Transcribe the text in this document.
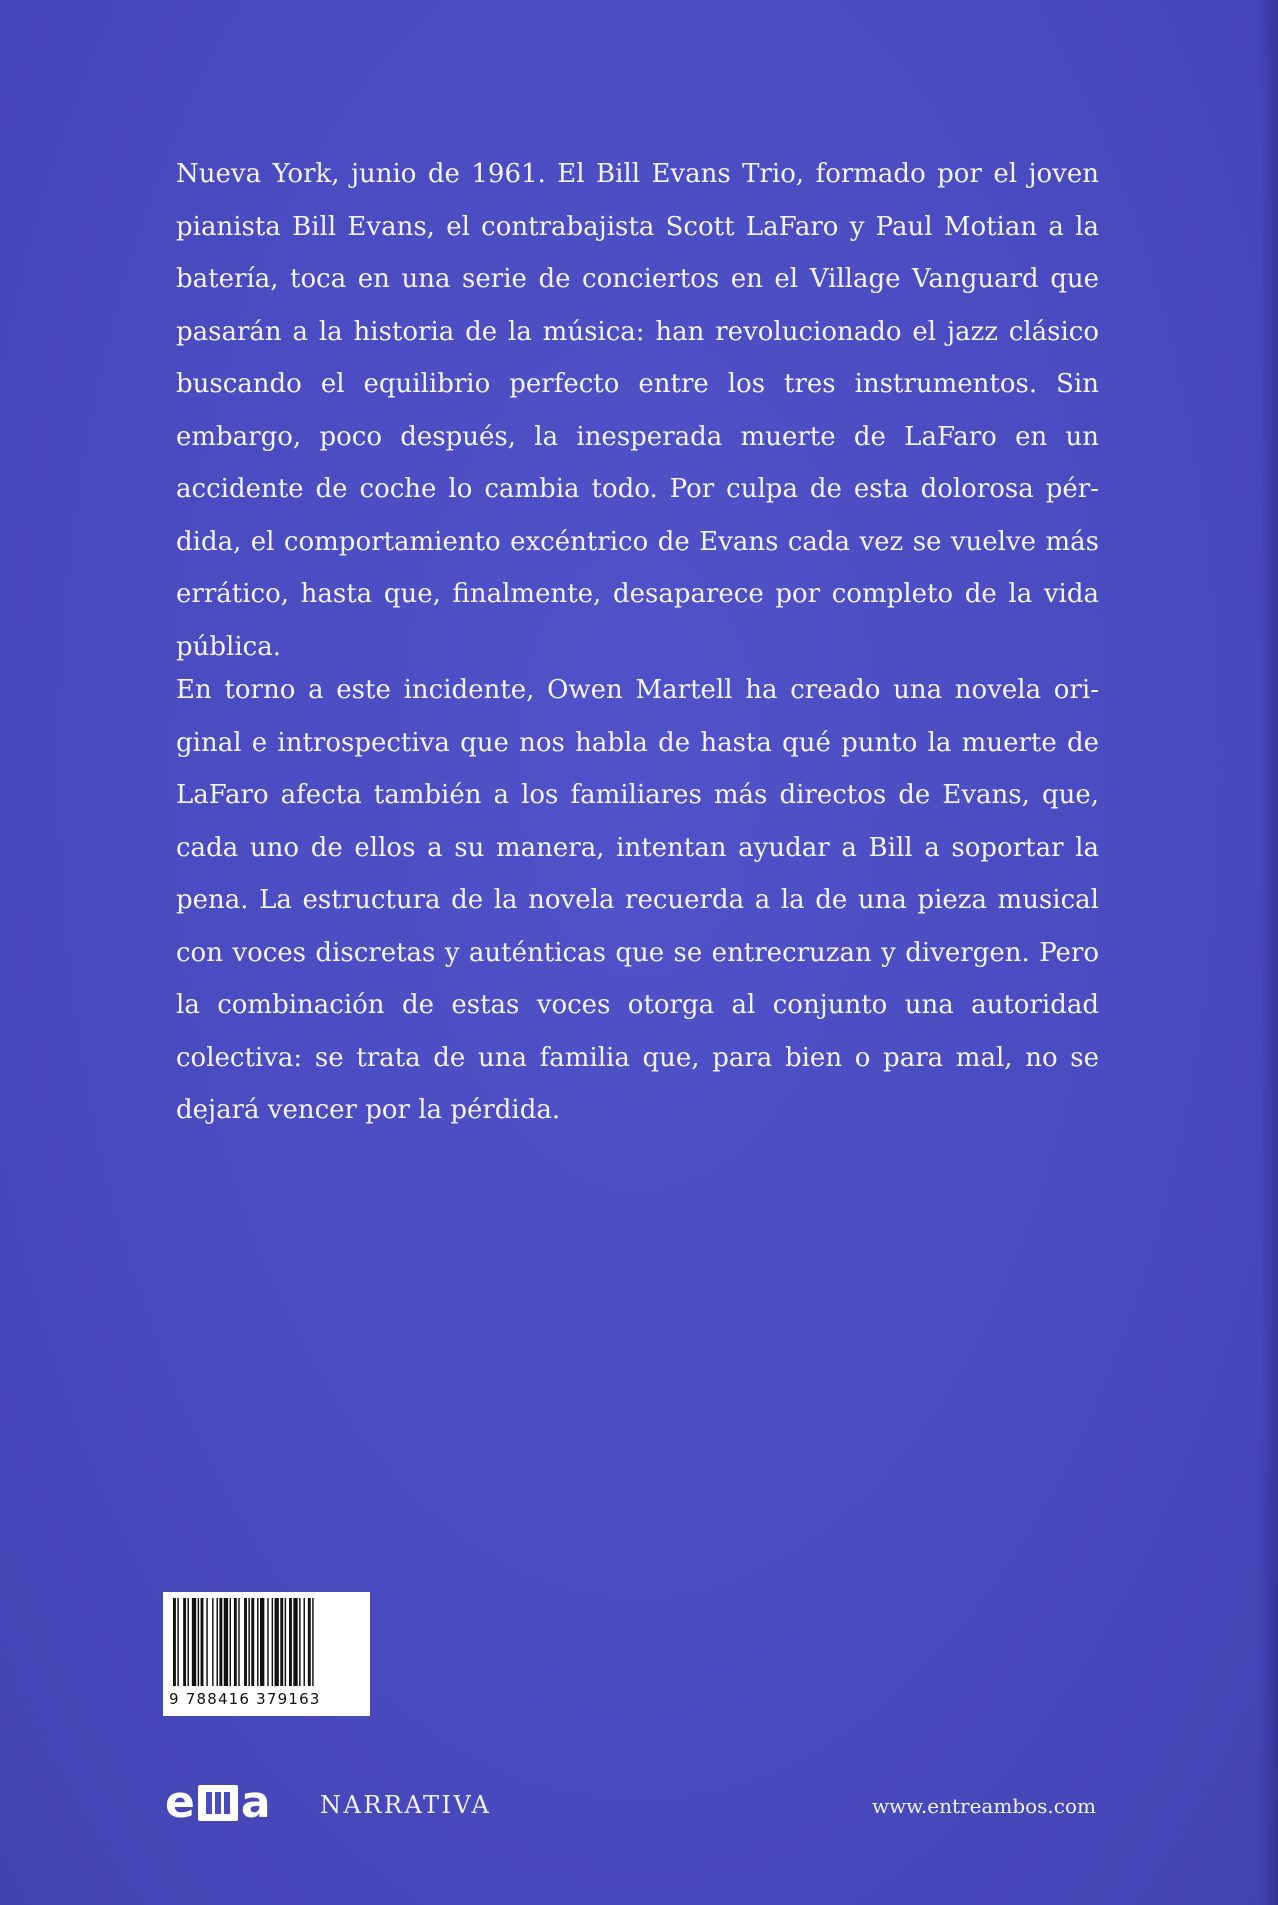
Nueva York, junio de 1961. El Bill Evans Trio, formado por el joven pianista Bill Evans, el contrabajista Scott LaFaro y Paul Motian a la batería, toca en una serie de conciertos en el Village Vanguard que pasarán a la historia de la música: han revolucionado el jazz clásico buscando el equilibrio perfecto entre los tres instrumentos. Sin embargo, poco después, la inesperada muerte de LaFaro en un accidente de coche lo cambia todo. Por culpa de esta dolorosa pérdida, el comportamiento excéntrico de Evans cada vez se vuelve más errático, hasta que, finalmente, desaparece por completo de la vida pública.

En torno a este incidente, Owen Martell ha creado una novela original e introspectiva que nos habla de hasta qué punto la muerte de LaFaro afecta también a los familiares más directos de Evans, que, cada uno de ellos a su manera, intentan ayudar a Bill a soportar la pena. La estructura de la novela recuerda a la de una pieza musical con voces discretas y auténticas que se entrecruzan y divergen. Pero la combinación de estas voces otorga al conjunto una autoridad colectiva: se trata de una familia que, para bien o para mal, no se dejará vencer por la pérdida.

9 788416 379163
e a NARRATIVA	www.entreambos.com
